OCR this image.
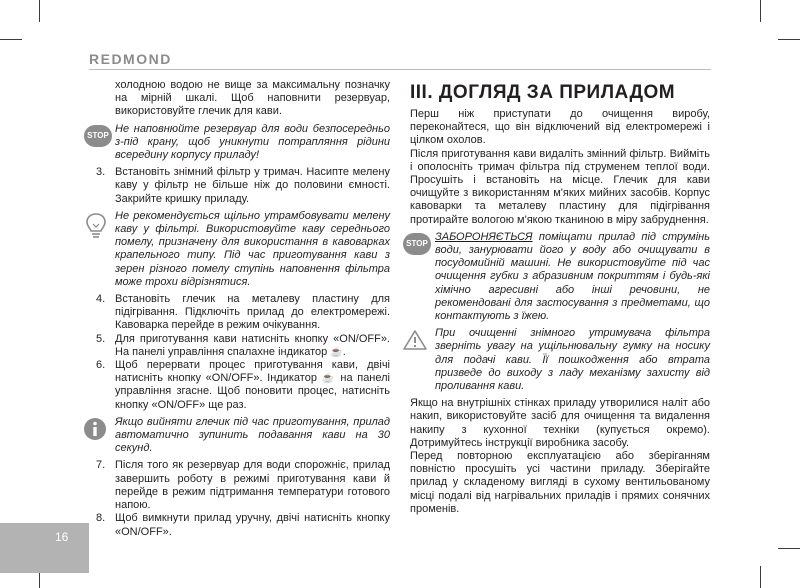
REDMOND

холодною водою не вище за максимальну позначку на мірній шкалі. Щоб наповнити резервуар, використовуйте глечик для кави.

STOP

Не наповнюйте резервуар для води безпосередньо з-під крану, щоб уникнути потрапляння рідини всередину корпусу приладу!

3. Встановіть знімний фільтр у тримач. Насипте мелену каву у фільтр не більше ніж до половини ємності. Закрийте кришку приладу.

Не рекомендується щільно утрамбовувати мелену каву у фільтрі. Використовуйте каву середнього помелу, призначену для використання в кавоварках крапельного типу. Під час приготування кави з зерен різного помелу ступінь наповнення фільтра може трохи відрізнятися.

4. Встановіть глечик на металеву пластину для підігрівання. Підключіть прилад до електромережі. Кавоварка перейде в режим очікування.

5. Для приготування кави натисніть кнопку «ON/OFF». На панелі управління спалахне індикатор ☕.

6. Щоб перервати процес приготування кави, двічі натисніть кнопку «ON/OFF». Індикатор ☕ на панелі управління згасне. Щоб поновити процес, натисніть кнопку «ON/OFF» ще раз.

Якщо вийняти глечик під час приготування, прилад автоматично зупинить подавання кави на 30 секунд.

7. Після того як резервуар для води спорожніє, прилад завершить роботу в режимі приготування кави й перейде в режим підтримання температури готового напою.

8. Щоб вимкнути прилад уручну, двічі натисніть кнопку «ON/OFF».

III. ДОГЛЯД ЗА ПРИЛАДОМ

Перш ніж приступати до очищення виробу, переконайтеся, що він відключений від електромережі і цілком охолов.

Після приготування кави видаліть змінний фільтр. Вийміть і ополосніть тримач фільтра під струменем теплої води. Просушіть і встановіть на місце. Глечик для кави очищуйте з використанням м'яких мийних засобів. Корпус кавоварки та металеву пластину для підігрівання протирайте вологою м'якою тканиною в міру забруднення.

STOP

ЗАБОРОНЯЄТЬСЯ поміщати прилад під струмінь води, занурювати його у воду або очищувати в посудомийній машині. Не використовуйте під час очищення губки з абразивним покриттям і будь-які хімічно агресивні або інші речовини, не рекомендовані для застосування з предметами, що контактують з їжею.

При очищенні знімного утримувача фільтра зверніть увагу на ущільнювальну гумку на носику для подачі кави. Її пошкодження або втрата призведе до виходу з ладу механізму захисту від проливання кави.

Якщо на внутрішніх стінках приладу утворилися наліт або накип, використовуйте засіб для очищення та видалення накипу з кухонної техніки (купується окремо). Дотримуйтесь інструкції виробника засобу.

Перед повторною експлуатацією або зберіганням повністю просушіть усі частини приладу. Зберігайте прилад у складеному вигляді в сухому вентильованому місці подалі від нагрівальних приладів і прямих сонячних променів.

16
